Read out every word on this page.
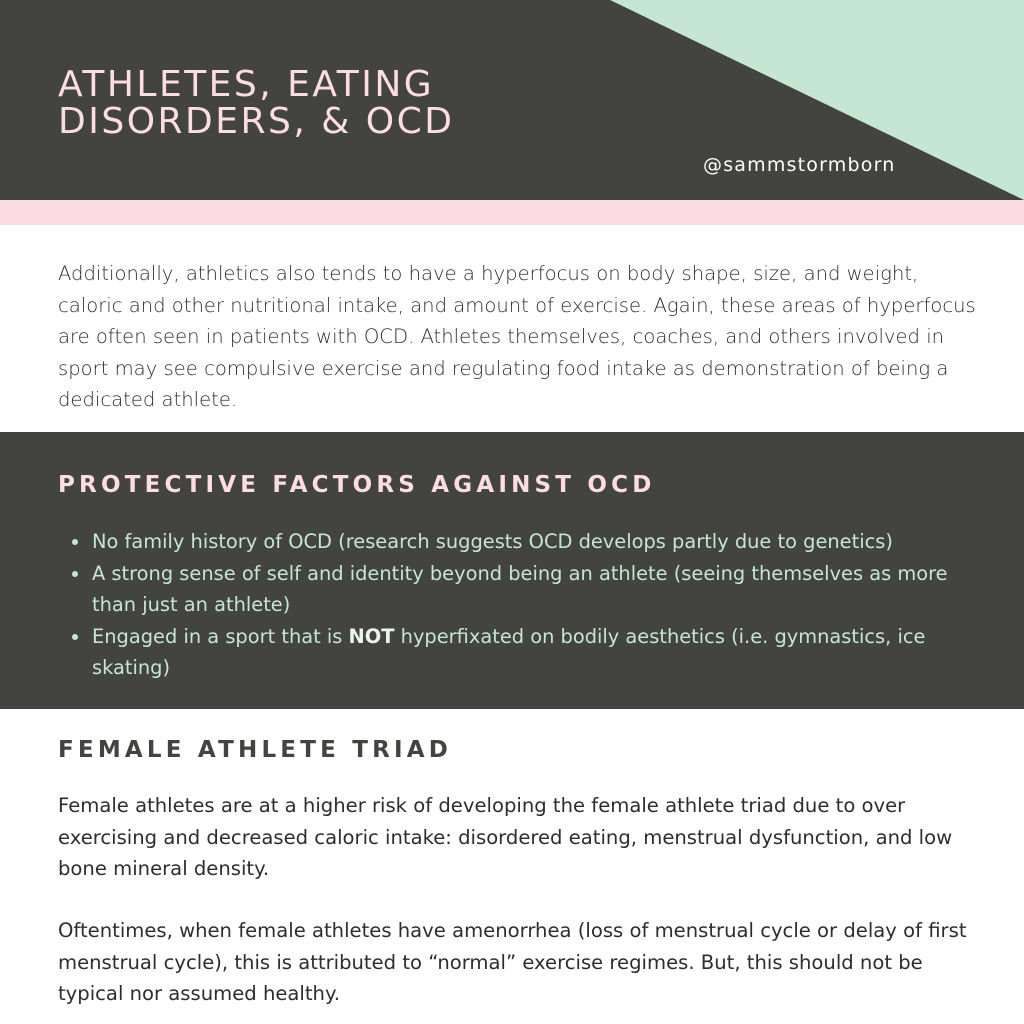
ATHLETES, EATING
DISORDERS, & OCD
@sammstormborn

Additionally, athletics also tends to have a hyperfocus on body shape, size, and weight, caloric and other nutritional intake, and amount of exercise. Again, these areas of hyperfocus are often seen in patients with OCD. Athletes themselves, coaches, and others involved in sport may see compulsive exercise and regulating food intake as demonstration of being a dedicated athlete.

PROTECTIVE FACTORS AGAINST OCD
No family history of OCD (research suggests OCD develops partly due to genetics)
A strong sense of self and identity beyond being an athlete (seeing themselves as more than just an athlete)
Engaged in a sport that is NOT hyperfixated on bodily aesthetics (i.e. gymnastics, ice skating)
FEMALE ATHLETE TRIAD

Female athletes are at a higher risk of developing the female athlete triad due to over exercising and decreased caloric intake: disordered eating, menstrual dysfunction, and low bone mineral density.

Oftentimes, when female athletes have amenorrhea (loss of menstrual cycle or delay of first menstrual cycle), this is attributed to “normal” exercise regimes. But, this should not be typical nor assumed healthy.
